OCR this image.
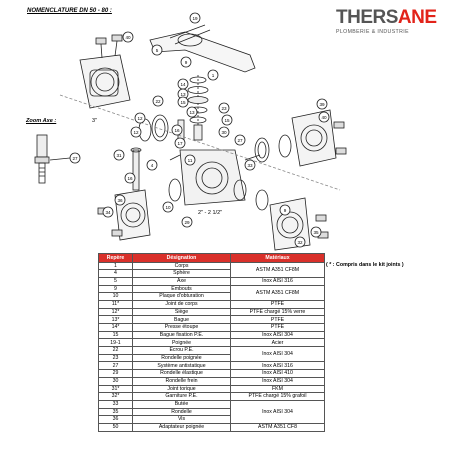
NOMENCLATURE DN 50 - 80 :	THERSANE
PLOMBERIE & INDUSTRIE
Zoom Axe :
40
5
19
9
1
14
13
15
22
13
16
12
12
23
15
30
27
17
31
16
36
4
11
33
10
29
9
39
40
32
35
34
27
3"
2" - 2 1/2"
( * : Compris dans le kit joints )
Repère	Désignation	Matériaux
1	Corps	ASTM A351 CF8M
4	Sphère	
5	Axe	Inox AISI 316
9	Embouts	ASTM A351 CF8M
10	Plaque d'obturation	
11*	Joint de corps	PTFE
12*	Siège	PTFE chargé 15% verre
13*	Bague	PTFE
14*	Presse étoupe	PTFE
15	Bague fixation P.E.	Inox AISI 304
19-1	Poignée	Acier
22	Ecrou P.E.	Inox AISI 304
23	Rondelle poignée	
27	Système antistatique	Inox AISI 316
29	Rondelle élastique	Inox AISI 410
30	Rondelle frein	Inox AISI 304
31*	Joint torique	FKM
32*	Garniture P.E.	PTFE chargé 15% grafoil
33	Butée	Inox AISI 304
35	Rondelle	
36	Vis	
50	Adaptateur poignée	ASTM A351 CF8
